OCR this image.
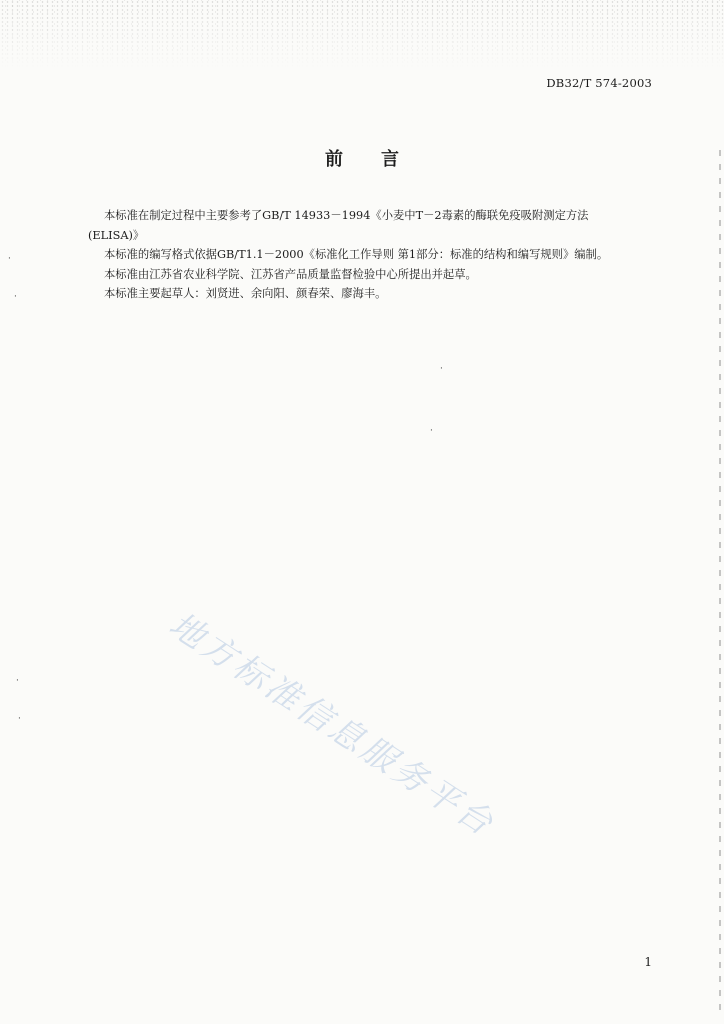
DB32/T 574-2003
前言

本标准在制定过程中主要参考了GB/T 14933－1994《小麦中T－2毒素的酶联免疫吸附测定方法

(ELISA)》

本标准的编写格式依据GB/T1.1－2000《标准化工作导则 第1部分：标准的结构和编写规则》编制。

本标准由江苏省农业科学院、江苏省产品质量监督检验中心所提出并起草。

本标准主要起草人：刘贤进、余向阳、颜春荣、廖海丰。

地方标准信息服务平台
1
·
·
·
·
·
·
